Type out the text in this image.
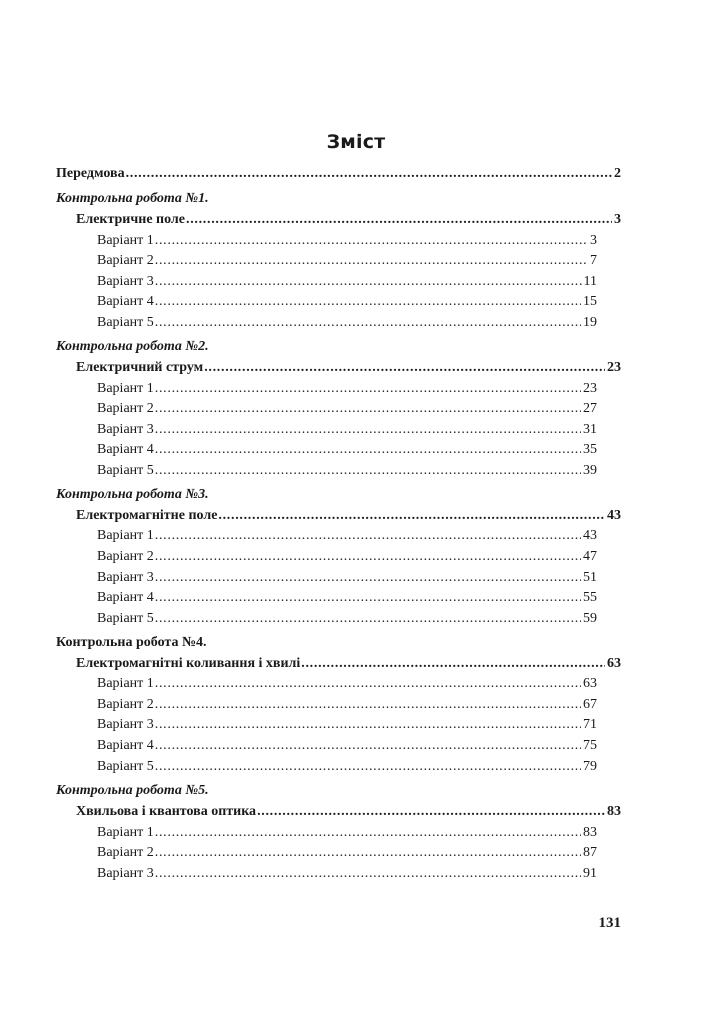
Зміст
Передмова . . .	2
Контрольна робота №1.
Електричне поле . . .	3
Варіант 1 . . .	3
Варіант 2 . . .	7
Варіант 3 . . .	11
Варіант 4 . . .	15
Варіант 5 . . .	19
Контрольна робота №2.
Електричний струм . . .	23
Варіант 1 . . .	23
Варіант 2 . . .	27
Варіант 3 . . .	31
Варіант 4 . . .	35
Варіант 5 . . .	39
Контрольна робота №3.
Електромагнітне поле . . .	43
Варіант 1 . . .	43
Варіант 2 . . .	47
Варіант 3 . . .	51
Варіант 4 . . .	55
Варіант 5 . . .	59
Контрольна робота №4.
Електромагнітні коливання і хвилі . . .	63
Варіант 1 . . .	63
Варіант 2 . . .	67
Варіант 3 . . .	71
Варіант 4 . . .	75
Варіант 5 . . .	79
Контрольна робота №5.
Хвильова і квантова оптика . . .	83
Варіант 1 . . .	83
Варіант 2 . . .	87
Варіант 3 . . .	91
131
